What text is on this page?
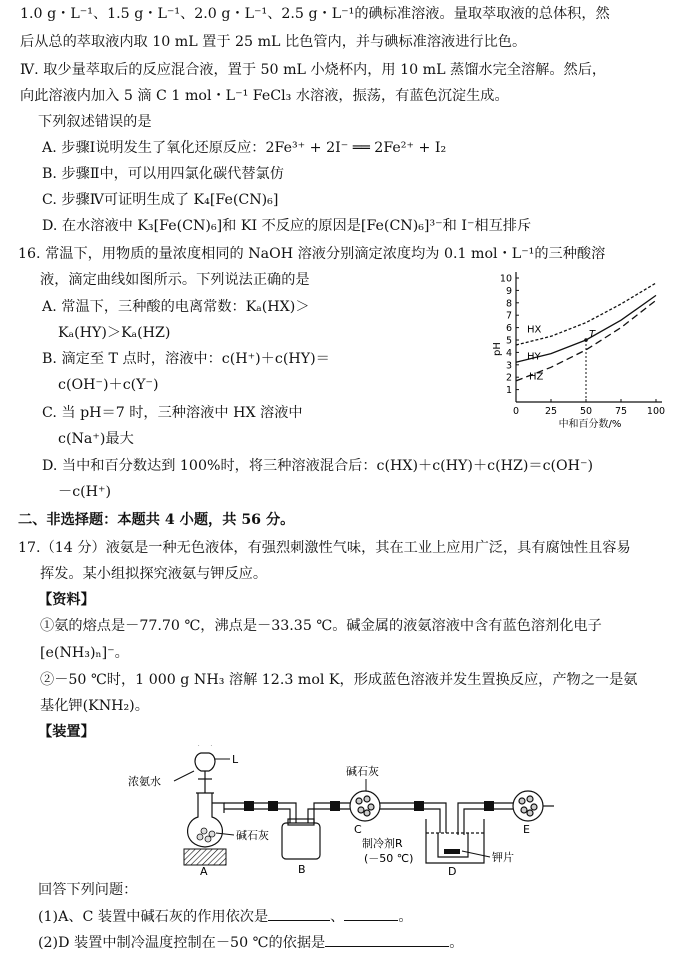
1.0 g・L⁻¹、1.5 g・L⁻¹、2.0 g・L⁻¹、2.5 g・L⁻¹的碘标准溶液。量取萃取液的总体积，然
后从总的萃取液内取 10 mL 置于 25 mL 比色管内，并与碘标准溶液进行比色。
Ⅳ. 取少量萃取后的反应混合液，置于 50 mL 小烧杯内，用 10 mL 蒸馏水完全溶解。然后，
向此溶液内加入 5 滴 C 1 mol・L⁻¹ FeCl₃ 水溶液，振荡，有蓝色沉淀生成。
下列叙述错误的是
A. 步骤Ⅰ说明发生了氧化还原反应：2Fe³⁺ + 2I⁻ ══ 2Fe²⁺ + I₂
B. 步骤Ⅱ中，可以用四氯化碳代替氯仿
C. 步骤Ⅳ可证明生成了 K₄[Fe(CN)₆]
D. 在水溶液中 K₃[Fe(CN)₆]和 KI 不反应的原因是[Fe(CN)₆]³⁻和 I⁻相互排斥
16. 常温下，用物质的量浓度相同的 NaOH 溶液分别滴定浓度均为 0.1 mol・L⁻¹的三种酸溶
液，滴定曲线如图所示。下列说法正确的是
A. 常温下，三种酸的电离常数：Kₐ(HX)＞
Kₐ(HY)＞Kₐ(HZ)
B. 滴定至 T 点时，溶液中：c(H⁺)＋c(HY)＝
c(OH⁻)＋c(Y⁻)
C. 当 pH＝7 时，三种溶液中 HX 溶液中
c(Na⁺)最大
D. 当中和百分数达到 100%时，将三种溶液混合后：c(HX)＋c(HY)＋c(HZ)＝c(OH⁻)
－c(H⁺)
1
2
3
4
5
6
7
8
9
10
0	25 50 75 100
中和百分数/%
pH
HX
HY
HZ
T
二、非选择题：本题共 4 小题，共 56 分。
17.（14 分）液氨是一种无色液体，有强烈刺激性气味，其在工业上应用广泛，具有腐蚀性且容易
挥发。某小组拟探究液氨与钾反应。
【资料】
①氨的熔点是－77.70 ℃，沸点是－33.35 ℃。碱金属的液氨溶液中含有蓝色溶剂化电子
[e(NH₃)ₙ]⁻。
②－50 ℃时，1 000 g NH₃ 溶解 12.3 mol K，形成蓝色溶液并发生置换反应，产物之一是氨
基化钾(KNH₂)。
【装置】
L
浓氨水
碱石灰
A	B
碱石灰
C
钾片
制冷剂R
(－50 ℃)
D
E
回答下列问题：
(1)A、C 装置中碱石灰的作用依次是	、	。
(2)D 装置中制冷温度控制在－50 ℃的依据是	。
